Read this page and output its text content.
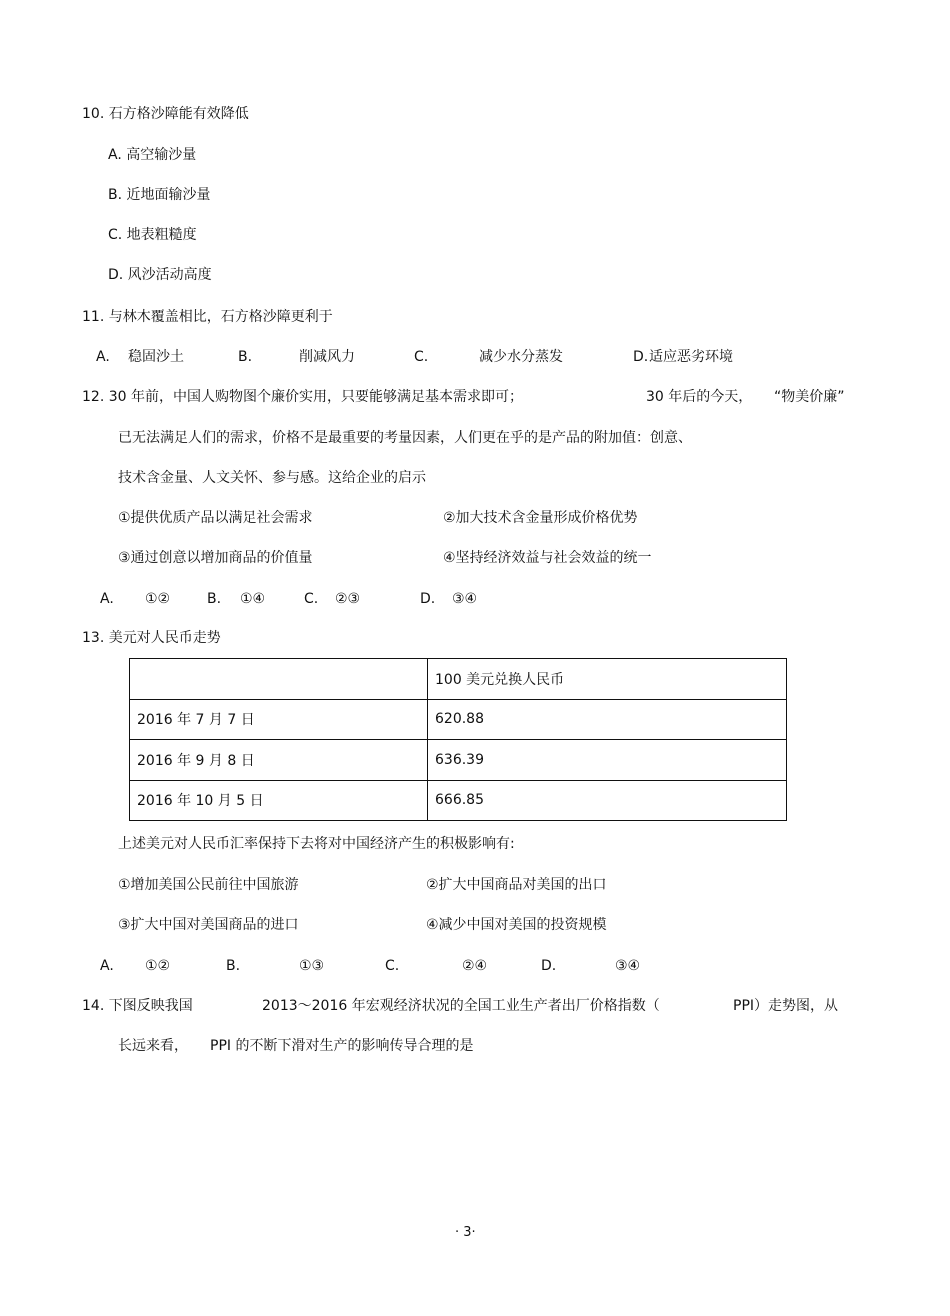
10. 石方格沙障能有效降低
A. 高空输沙量
B. 近地面输沙量
C. 地表粗糙度
D. 风沙活动高度
11. 与林木覆盖相比，石方格沙障更利于
A. 稳固沙土	B.	削减风力	C.	减少水分蒸发	D. 适应恶劣环境
12. 30 年前，中国人购物图个廉价实用，只要能够满足基本需求即可；	30 年后的今天， “物美价廉”
已无法满足人们的需求，价格不是最重要的考量因素，人们更在乎的是产品的附加值：创意、
技术含金量、人文关怀、参与感。这给企业的启示
①提供优质产品以满足社会需求	②加大技术含金量形成价格优势
③通过创意以增加商品的价值量	④坚持经济效益与社会效益的统一
A. ①②	B. ①④	C. ②③	D. ③④
13. 美元对人民币走势
	100 美元兑换人民币
2016 年 7 月 7 日	620.88
2016 年 9 月 8 日	636.39
2016 年 10 月 5 日	666.85
上述美元对人民币汇率保持下去将对中国经济产生的积极影响有:
①增加美国公民前往中国旅游	②扩大中国商品对美国的出口
③扩大中国对美国商品的进口	④减少中国对美国的投资规模
A. ①②	B.	①③	C.	②④	D.	③④
14. 下图反映我国	2013～2016 年宏观经济状况的全国工业生产者出厂价格指数（	PPI）走势图，从
长远来看， PPI 的不断下滑对生产的影响传导合理的是
· 3·
